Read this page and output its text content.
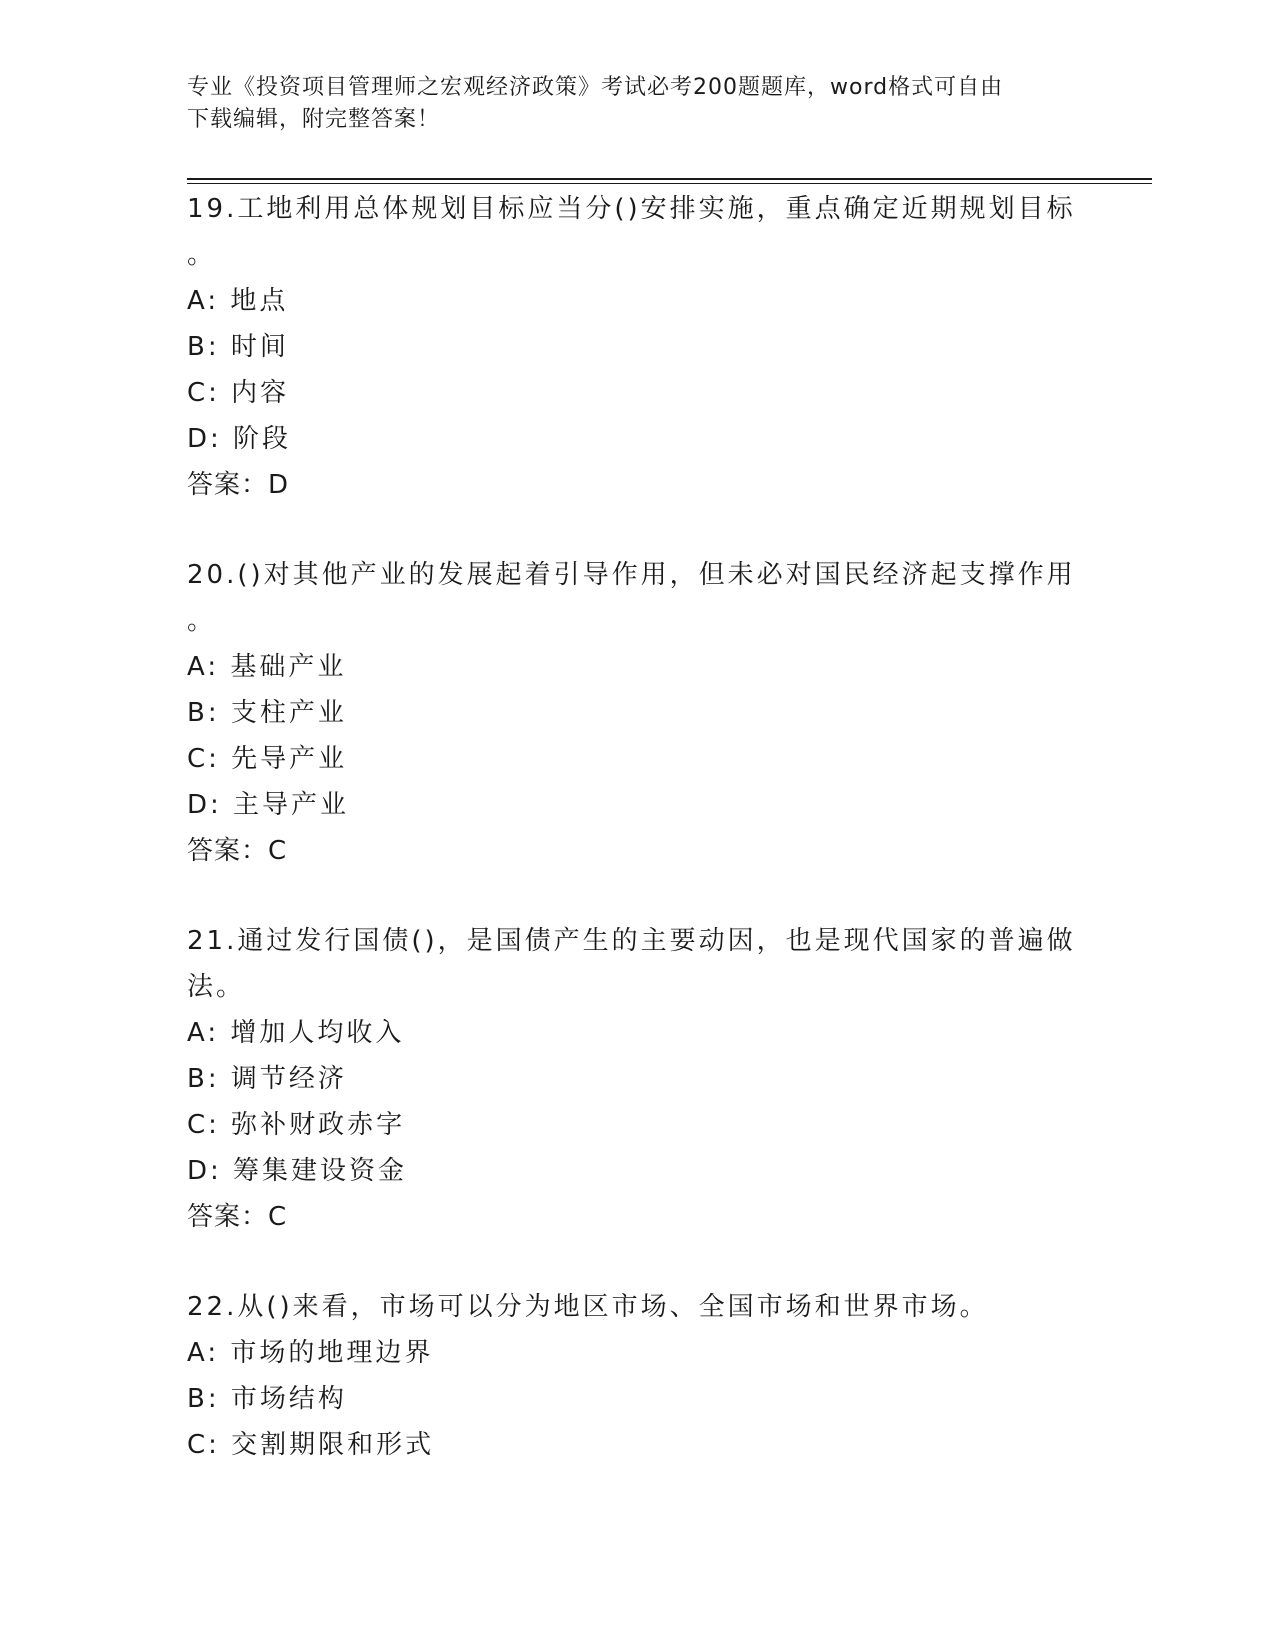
专业《投资项目管理师之宏观经济政策》考试必考200题题库，word格式可自由
下载编辑，附完整答案！
19.工地利用总体规划目标应当分()安排实施，重点确定近期规划目标
。
A: 地点
B: 时间
C: 内容
D: 阶段
答案：D
20.()对其他产业的发展起着引导作用，但未必对国民经济起支撑作用
。
A: 基础产业
B: 支柱产业
C: 先导产业
D: 主导产业
答案：C
21.通过发行国债()，是国债产生的主要动因，也是现代国家的普遍做
法。
A: 增加人均收入
B: 调节经济
C: 弥补财政赤字
D: 筹集建设资金
答案：C
22.从()来看，市场可以分为地区市场、全国市场和世界市场。
A: 市场的地理边界
B: 市场结构
C: 交割期限和形式
